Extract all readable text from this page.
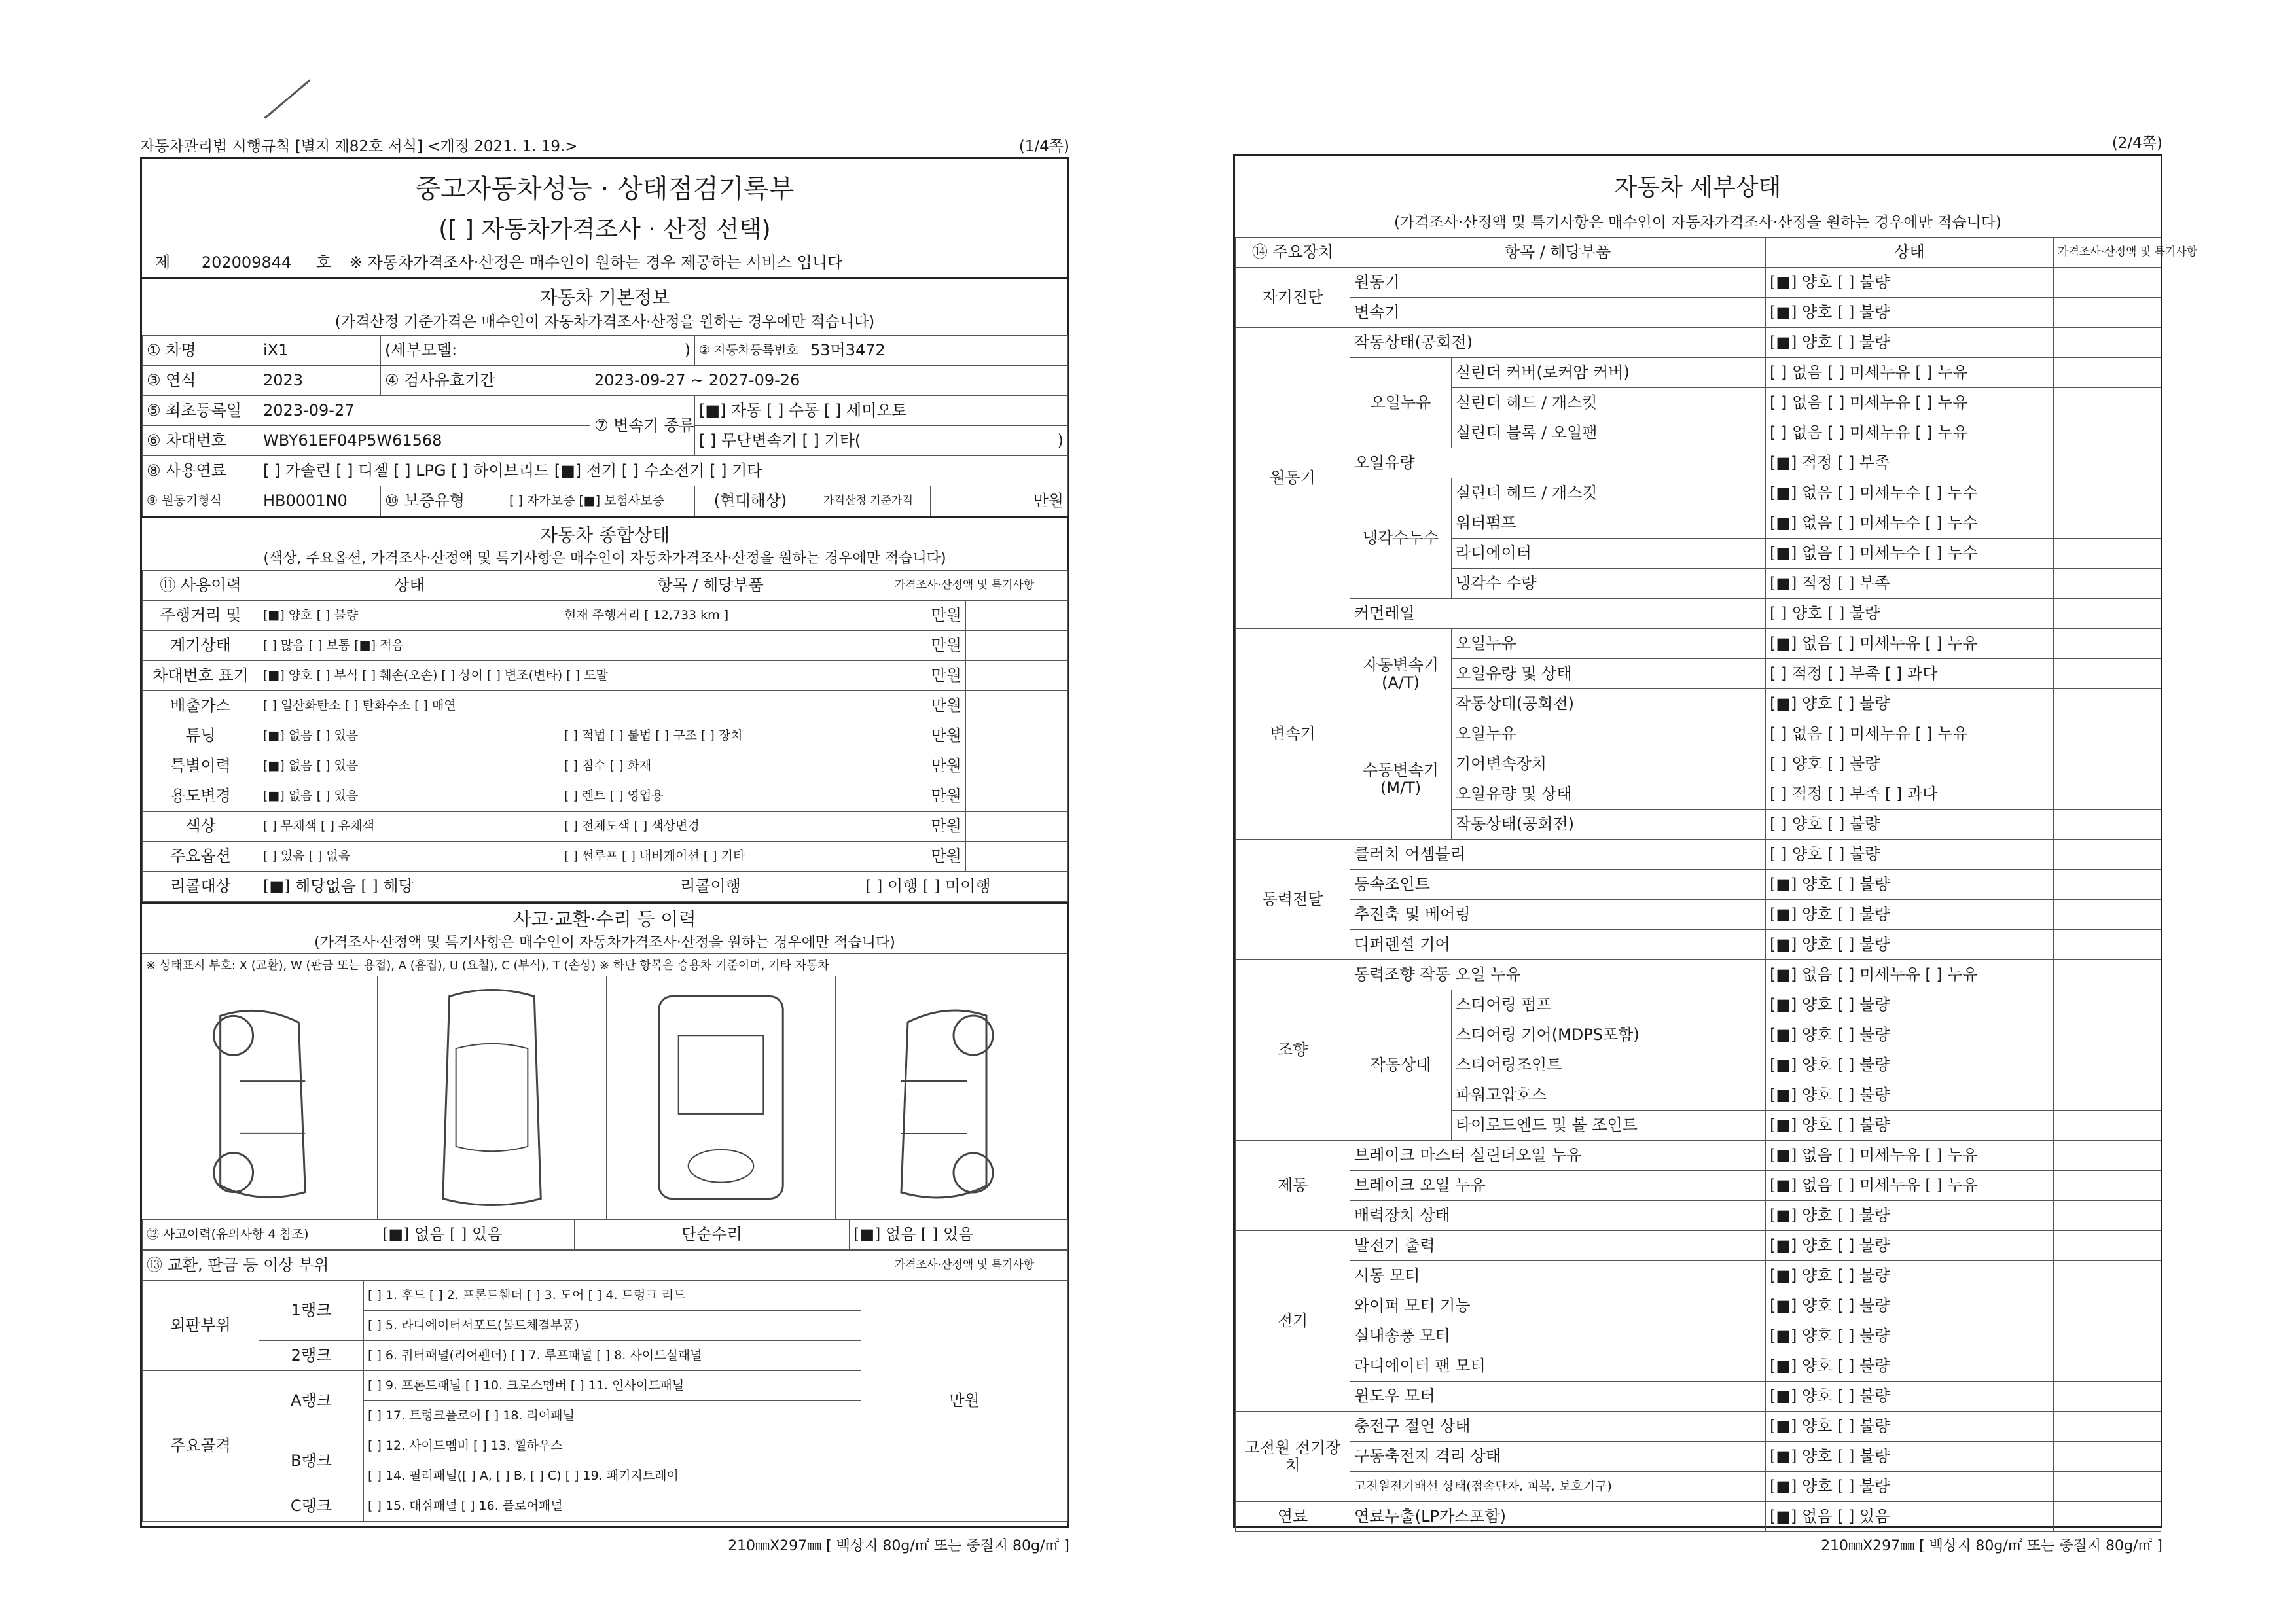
자동차관리법 시행규칙 [별지 제82호 서식] <개정 2021. 1. 19.>	(1/4쪽)
중고자동차성능 · 상태점검기록부
([ ] 자동차가격조사 · 산정 선택)
제 202009844 호 ※ 자동차가격조사·산정은 매수인이 원하는 경우 제공하는 서비스 입니다
자동차 기본정보
(가격산정 기준가격은 매수인이 자동차가격조사·산정을 원하는 경우에만 적습니다)
① 차명	iX1	(세부모델: )			② 자동차등록번호	53머3472	
③ 연식	2023	④ 검사유효기간		2023-09-27 ~ 2027-09-26			
⑤ 최초등록일	2023-09-27			⑦ 변속기 종류	[■] 자동 [ ] 수동 [ ] 세미오토		
⑥ 차대번호	WBY61EF04P5W61568				[ ] 무단변속기 [ ] 기타( )		

⑧ 사용연료	[ ] 가솔린 [ ] 디젤 [ ] LPG [ ] 하이브리드 [■] 전기 [ ] 수소전기 [ ] 기타						
⑨ 원동기형식	HB0001N0	⑩ 보증유형	[ ] 자가보증 [■] 보험사보증		(현대해상)	가격산정 기준가격	만원
자동차 종합상태
(색상, 주요옵션, 가격조사·산정액 및 특기사항은 매수인이 자동차가격조사·산정을 원하는 경우에만 적습니다)
⑪ 사용이력	상태	항목 / 해당부품	가격조사·산정액 및 특기사항	
주행거리 및	[■] 양호 [ ] 불량	현재 주행거리 [ 12,733 km ]	만원	
계기상태	[ ] 많음 [ ] 보통 [■] 적음		만원	
차대번호 표기	[■] 양호 [ ] 부식 [ ] 훼손(오손) [ ] 상이 [ ] 변조(변타) [ ] 도말		만원	
배출가스	[ ] 일산화탄소 [ ] 탄화수소 [ ] 매연		만원	
튜닝	[■] 없음 [ ] 있음	[ ] 적법 [ ] 불법 [ ] 구조 [ ] 장치	만원	
특별이력	[■] 없음 [ ] 있음	[ ] 침수 [ ] 화재	만원	
용도변경	[■] 없음 [ ] 있음	[ ] 렌트 [ ] 영업용	만원	
색상	[ ] 무채색 [ ] 유채색	[ ] 전체도색 [ ] 색상변경	만원	
주요옵션	[ ] 있음 [ ] 없음	[ ] 썬루프 [ ] 내비게이션 [ ] 기타	만원	
리콜대상	[■] 해당없음 [ ] 해당	리콜이행	[ ] 이행 [ ] 미이행	
사고·교환·수리 등 이력
(가격조사·산정액 및 특기사항은 매수인이 자동차가격조사·산정을 원하는 경우에만 적습니다)
※ 상태표시 부호: X (교환), W (판금 또는 용접), A (흠집), U (요철), C (부식), T (손상) ※ 하단 항목은 승용차 기준이며, 기타 자동차
⑫ 사고이력(유의사항 4 참조)	[■] 없음 [ ] 있음	단순수리	[■] 없음 [ ] 있음
⑬ 교환, 판금 등 이상 부위			가격조사·산정액 및 특기사항
외판부위	1랭크	[ ] 1. 후드 [ ] 2. 프론트휀더 [ ] 3. 도어 [ ] 4. 트렁크 리드	만원
		[ ] 5. 라디에이터서포트(볼트체결부품)	
	2랭크	[ ] 6. 쿼터패널(리어펜더) [ ] 7. 루프패널 [ ] 8. 사이드실패널	
주요골격	A랭크	[ ] 9. 프론트패널 [ ] 10. 크로스멤버 [ ] 11. 인사이드패널	
		[ ] 17. 트렁크플로어 [ ] 18. 리어패널	
	B랭크	[ ] 12. 사이드멤버 [ ] 13. 휠하우스	
		[ ] 14. 필러패널([ ] A, [ ] B, [ ] C) [ ] 19. 패키지트레이	
	C랭크	[ ] 15. 대쉬패널 [ ] 16. 플로어패널	
210㎜X297㎜ [ 백상지 80g/㎡ 또는 중질지 80g/㎡ ]
(2/4쪽)
자동차 세부상태
(가격조사·산정액 및 특기사항은 매수인이 자동차가격조사·산정을 원하는 경우에만 적습니다)
⑭ 주요장치	항목 / 해당부품		상태	가격조사·산정액 및 특기사항
자기진단	원동기		[■] 양호 [ ] 불량	
	변속기		[■] 양호 [ ] 불량	
원동기	작동상태(공회전)		[■] 양호 [ ] 불량	
	오일누유	실린더 커버(로커암 커버)	[ ] 없음 [ ] 미세누유 [ ] 누유	
		실린더 헤드 / 개스킷	[ ] 없음 [ ] 미세누유 [ ] 누유	
		실린더 블록 / 오일팬	[ ] 없음 [ ] 미세누유 [ ] 누유	
	오일유량		[■] 적정 [ ] 부족	
	냉각수누수	실린더 헤드 / 개스킷	[■] 없음 [ ] 미세누수 [ ] 누수	
		워터펌프	[■] 없음 [ ] 미세누수 [ ] 누수	
		라디에이터	[■] 없음 [ ] 미세누수 [ ] 누수	
		냉각수 수량	[■] 적정 [ ] 부족	
	커먼레일		[ ] 양호 [ ] 불량	
변속기	자동변속기 (A/T)	오일누유	[■] 없음 [ ] 미세누유 [ ] 누유	
		오일유량 및 상태	[ ] 적정 [ ] 부족 [ ] 과다	
		작동상태(공회전)	[■] 양호 [ ] 불량	
	수동변속기 (M/T)	오일누유	[ ] 없음 [ ] 미세누유 [ ] 누유	
		기어변속장치	[ ] 양호 [ ] 불량	
		오일유량 및 상태	[ ] 적정 [ ] 부족 [ ] 과다	
		작동상태(공회전)	[ ] 양호 [ ] 불량	
동력전달	클러치 어셈블리		[ ] 양호 [ ] 불량	
	등속조인트		[■] 양호 [ ] 불량	
	추진축 및 베어링		[■] 양호 [ ] 불량	
	디퍼렌셜 기어		[■] 양호 [ ] 불량	
조향	동력조향 작동 오일 누유		[■] 없음 [ ] 미세누유 [ ] 누유	
	작동상태	스티어링 펌프	[■] 양호 [ ] 불량	
		스티어링 기어(MDPS포함)	[■] 양호 [ ] 불량	
		스티어링조인트	[■] 양호 [ ] 불량	
		파워고압호스	[■] 양호 [ ] 불량	
		타이로드엔드 및 볼 조인트	[■] 양호 [ ] 불량	
제동	브레이크 마스터 실린더오일 누유		[■] 없음 [ ] 미세누유 [ ] 누유	
	브레이크 오일 누유		[■] 없음 [ ] 미세누유 [ ] 누유	
	배력장치 상태		[■] 양호 [ ] 불량	
전기	발전기 출력		[■] 양호 [ ] 불량	
	시동 모터		[■] 양호 [ ] 불량	
	와이퍼 모터 기능		[■] 양호 [ ] 불량	
	실내송풍 모터		[■] 양호 [ ] 불량	
	라디에이터 팬 모터		[■] 양호 [ ] 불량	
	윈도우 모터		[■] 양호 [ ] 불량	
고전원 전기장치	충전구 절연 상태		[■] 양호 [ ] 불량	
	구동축전지 격리 상태		[■] 양호 [ ] 불량	
	고전원전기배선 상태(접속단자, 피복, 보호기구)		[■] 양호 [ ] 불량	
연료	연료누출(LP가스포함)		[■] 없음 [ ] 있음	
210㎜X297㎜ [ 백상지 80g/㎡ 또는 중질지 80g/㎡ ]
